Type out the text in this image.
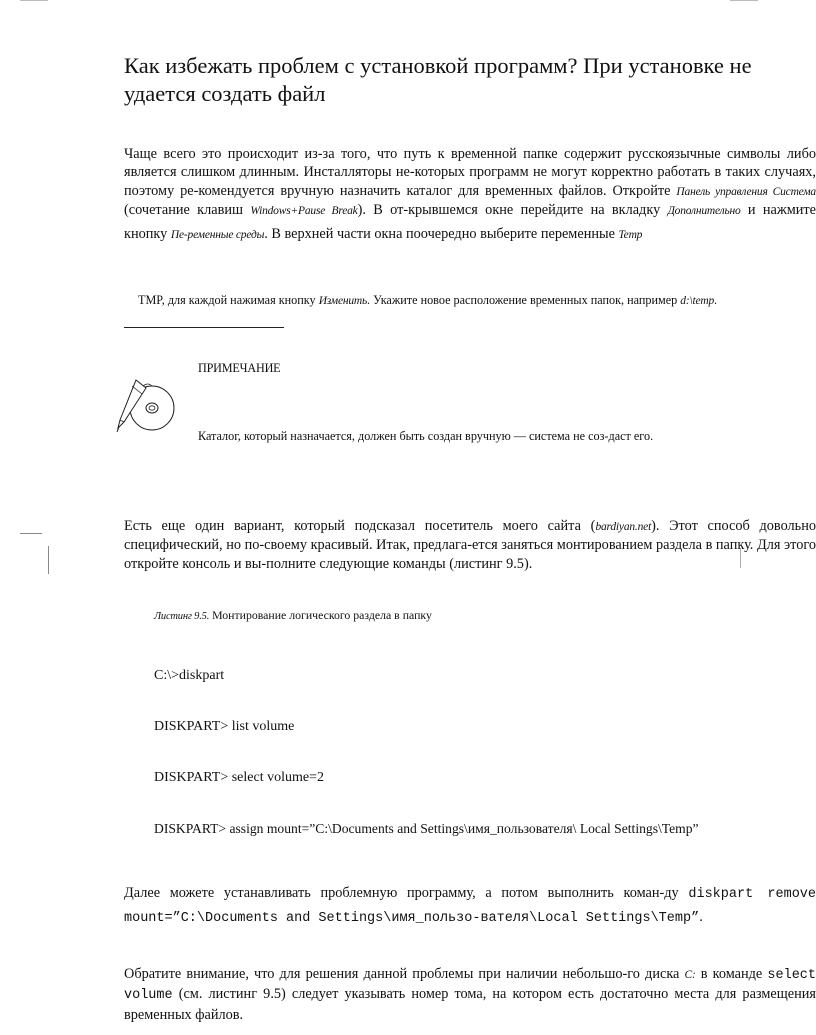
Как избежать проблем с установкой программ? При установке не удается создать файл
Чаще всего это происходит из-за того, что путь к временной папке содержит русскоязычные символы либо является слишком длинным. Инсталляторы не-которых программ не могут корректно работать в таких случаях, поэтому ре-комендуется вручную назначить каталог для временных файлов. Откройте Панель управления Система (сочетание клавиш Windows+Pause Break). В от-крывшемся окне перейдите на вкладку Дополнительно и нажмите кнопку Пе-ременные среды. В верхней части окна поочередно выберите переменные Temp
TMP, для каждой нажимая кнопку Изменить. Укажите новое расположение временных папок, например d:\temp.
ПРИМЕЧАНИЕ
Каталог, который назначается, должен быть создан вручную — система не соз-даст его.
Есть еще один вариант, который подсказал посетитель моего сайта (bardiyan.net). Этот способ довольно специфический, но по-своему красивый. Итак, предлага-ется заняться монтированием раздела в папку. Для этого откройте консоль и вы-полните следующие команды (листинг 9.5).
Листинг 9.5. Монтирование логического раздела в папку
C:\>diskpart
DISKPART> list volume
DISKPART> select volume=2
DISKPART> assign mount=”C:\Documents and Settings\имя_пользователя\ Local Settings\Temp”
Далее можете устанавливать проблемную программу, а потом выполнить коман-ду diskpart remove mount=”C:\Documents and Settings\имя_пользо-вателя\Local Settings\Temp”.
Обратите внимание, что для решения данной проблемы при наличии небольшо-го диска C: в команде select volume (см. листинг 9.5) следует указывать номер тома, на котором есть достаточно места для размещения временных файлов.
